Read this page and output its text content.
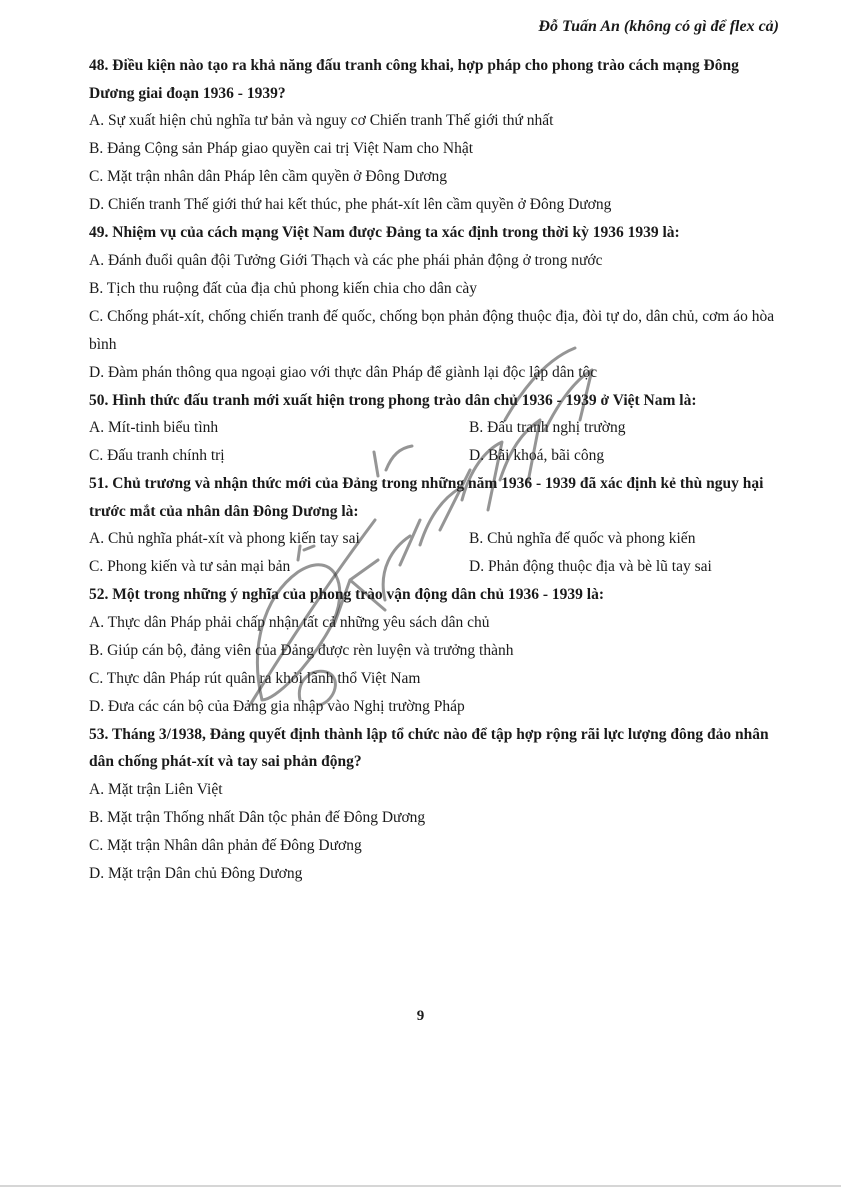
Đỗ Tuấn An (không có gì để flex cả)

48. Điều kiện nào tạo ra khả năng đấu tranh công khai, hợp pháp cho phong trào cách mạng Đông Dương giai đoạn 1936 - 1939?

A. Sự xuất hiện chủ nghĩa tư bản và nguy cơ Chiến tranh Thế giới thứ nhất

B. Đảng Cộng sản Pháp giao quyền cai trị Việt Nam cho Nhật

C. Mặt trận nhân dân Pháp lên cầm quyền ở Đông Dương

D. Chiến tranh Thế giới thứ hai kết thúc, phe phát-xít lên cầm quyền ở Đông Dương

49. Nhiệm vụ của cách mạng Việt Nam được Đảng ta xác định trong thời kỳ 1936 1939 là:

A. Đánh đuổi quân đội Tưởng Giới Thạch và các phe phái phản động ở trong nước

B. Tịch thu ruộng đất của địa chủ phong kiến chia cho dân cày

C. Chống phát-xít, chống chiến tranh đế quốc, chống bọn phản động thuộc địa, đòi tự do, dân chủ, cơm áo hòa bình

D. Đàm phán thông qua ngoại giao với thực dân Pháp để giành lại độc lập dân tộc

50. Hình thức đấu tranh mới xuất hiện trong phong trào dân chủ 1936 - 1939 ở Việt Nam là:

A. Mít-tinh biểu tình	B. Đấu tranh nghị trường

C. Đấu tranh chính trị	D. Bãi khoá, bãi công

51. Chủ trương và nhận thức mới của Đảng trong những năm 1936 - 1939 đã xác định kẻ thù nguy hại trước mắt của nhân dân Đông Dương là:

A. Chủ nghĩa phát-xít và phong kiến tay sai	B. Chủ nghĩa đế quốc và phong kiến

C. Phong kiến và tư sản mại bản	D. Phản động thuộc địa và bè lũ tay sai

52. Một trong những ý nghĩa của phong trào vận động dân chủ 1936 - 1939 là:

A. Thực dân Pháp phải chấp nhận tất cả những yêu sách dân chủ

B. Giúp cán bộ, đảng viên của Đảng được rèn luyện và trưởng thành

C. Thực dân Pháp rút quân ra khỏi lãnh thổ Việt Nam

D. Đưa các cán bộ của Đảng gia nhập vào Nghị trường Pháp

53. Tháng 3/1938, Đảng quyết định thành lập tổ chức nào để tập hợp rộng rãi lực lượng đông đảo nhân dân chống phát-xít và tay sai phản động?

A. Mặt trận Liên Việt

B. Mặt trận Thống nhất Dân tộc phản đế Đông Dương

C. Mặt trận Nhân dân phản đế Đông Dương

D. Mặt trận Dân chủ Đông Dương

9
